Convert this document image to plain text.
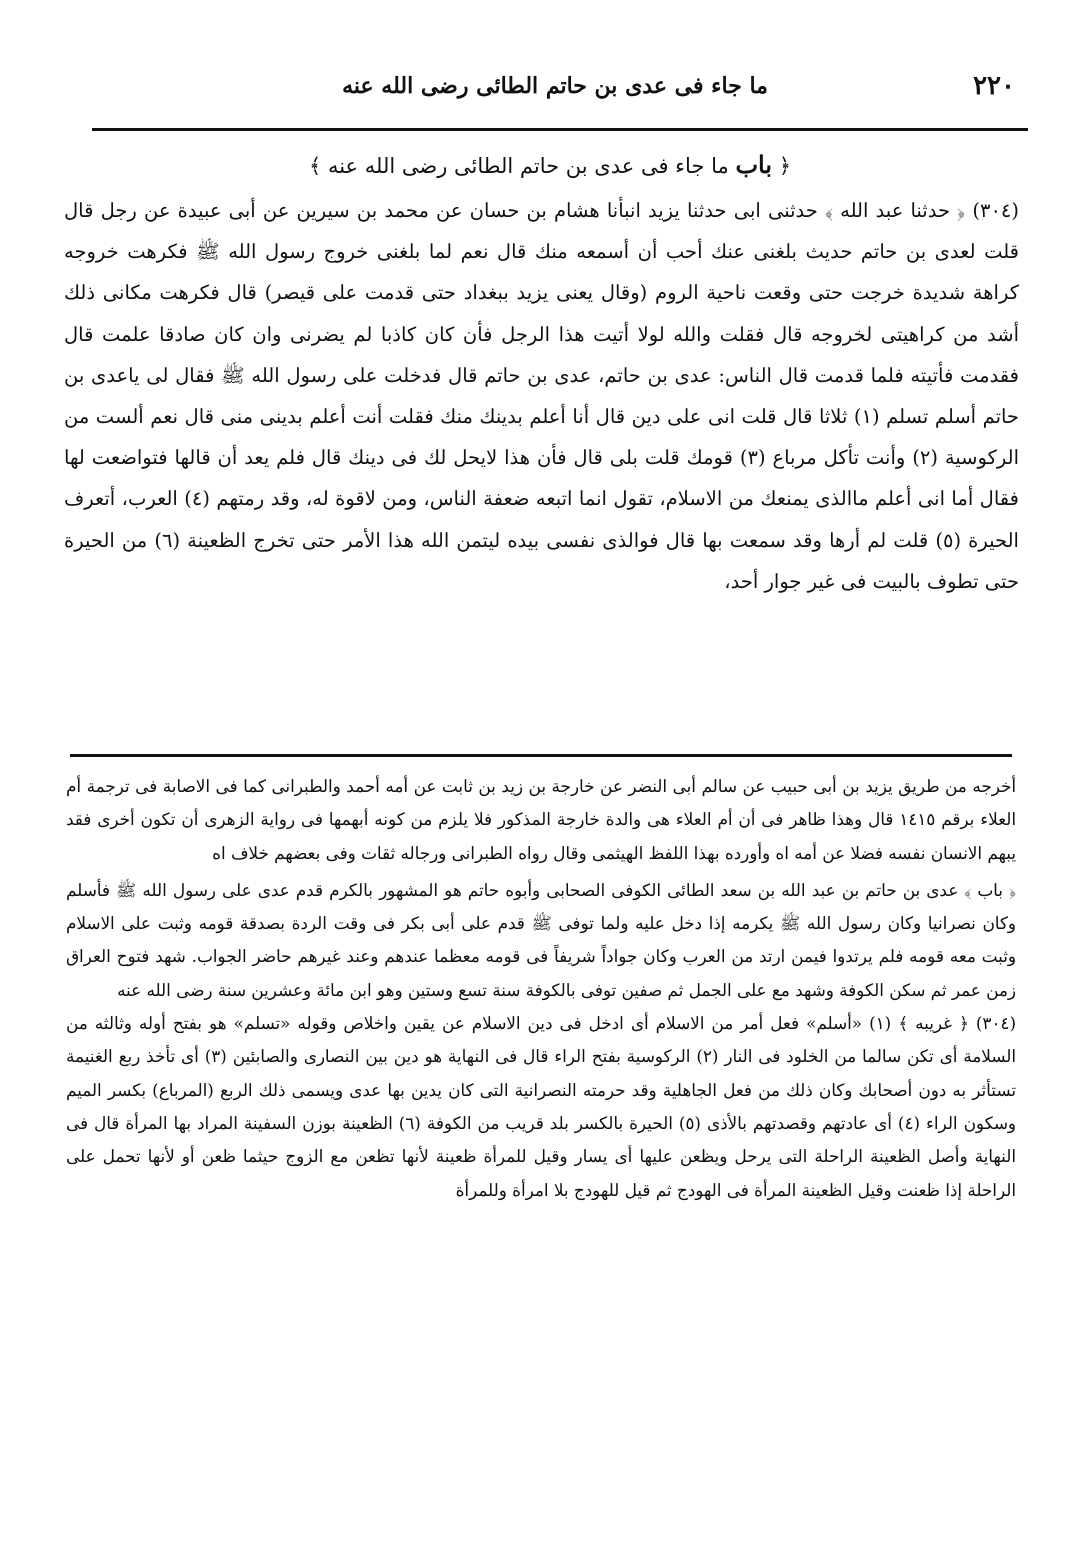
٢٢٠
ما جاء فى عدى بن حاتم الطائى رضى الله عنه
﴿ باب ما جاء فى عدى بن حاتم الطائى رضى الله عنه ﴾

(٣٠٤) ﴿ حدثنا عبد الله ﴾ حدثنى ابى حدثنا يزيد انبأنا هشام بن حسان عن محمد بن سيرين عن أبى عبيدة عن رجل قال قلت لعدى بن حاتم حديث بلغنى عنك أحب أن أسمعه منك قال نعم لما بلغنى خروج رسول الله ﷺ فكرهت خروجه كراهة شديدة خرجت حتى وقعت ناحية الروم (وقال يعنى يزيد ببغداد حتى قدمت على قيصر) قال فكرهت مكانى ذلك أشد من كراهيتى لخروجه قال فقلت والله لولا أتيت هذا الرجل فأن كان كاذبا لم يضرنى وان كان صادقا علمت قال فقدمت فأتيته فلما قدمت قال الناس: عدى بن حاتم، عدى بن حاتم قال فدخلت على رسول الله ﷺ فقال لى ياعدى بن حاتم أسلم تسلم (١) ثلاثا قال قلت انى على دين قال أنا أعلم بدينك منك فقلت أنت أعلم بدينى منى قال نعم ألست من الركوسية (٢) وأنت تأكل مرباع (٣) قومك قلت بلى قال فأن هذا لايحل لك فى دينك قال فلم يعد أن قالها فتواضعت لها فقال أما انى أعلم ماالذى يمنعك من الاسلام، تقول انما اتبعه ضعفة الناس، ومن لاقوة له، وقد رمتهم (٤) العرب، أتعرف الحيرة (٥) قلت لم أرها وقد سمعت بها قال فوالذى نفسى بيده ليتمن الله هذا الأمر حتى تخرج الظعينة (٦) من الحيرة حتى تطوف بالبيت فى غير جوار أحد،

أخرجه من طريق يزيد بن أبى حبيب عن سالم أبى النضر عن خارجة بن زيد بن ثابت عن أمه أحمد والطبرانى كما فى الاصابة فى ترجمة أم العلاء برقم ١٤١٥ قال وهذا ظاهر فى أن أم العلاء هى والدة خارجة المذكور فلا يلزم من كونه أبهمها فى رواية الزهرى أن تكون أخرى فقد يبهم الانسان نفسه فضلا عن أمه اه وأورده بهذا اللفظ الهيثمى وقال رواه الطبرانى ورجاله ثقات وفى بعضهم خلاف اه

﴿ باب ﴾ عدى بن حاتم بن عبد الله بن سعد الطائى الكوفى الصحابى وأبوه حاتم هو المشهور بالكرم قدم عدى على رسول الله ﷺ فأسلم وكان نصرانيا وكان رسول الله ﷺ يكرمه إذا دخل عليه ولما توفى ﷺ قدم على أبى بكر فى وقت الردة بصدقة قومه وثبت على الاسلام وثبت معه قومه فلم يرتدوا فيمن ارتد من العرب وكان جواداً شريفاً فى قومه معظما عندهم وعند غيرهم حاضر الجواب. شهد فتوح العراق زمن عمر ثم سكن الكوفة وشهد مع على الجمل ثم صفين توفى بالكوفة سنة تسع وستين وهو ابن مائة وعشرين سنة رضى الله عنه

(٣٠٤) ﴿ غريبه ﴾ (١) «أسلم» فعل أمر من الاسلام أى ادخل فى دين الاسلام عن يقين واخلاص وقوله «تسلم» هو بفتح أوله وثالثه من السلامة أى تكن سالما من الخلود فى النار (٢) الركوسية بفتح الراء قال فى النهاية هو دين بين النصارى والصابئين (٣) أى تأخذ ربع الغنيمة تستأثر به دون أصحابك وكان ذلك من فعل الجاهلية وقد حرمته النصرانية التى كان يدين بها عدى ويسمى ذلك الربع (المرباع) بكسر الميم وسكون الراء (٤) أى عادتهم وقصدتهم بالأذى (٥) الحيرة بالكسر بلد قريب من الكوفة (٦) الظعينة بوزن السفينة المراد بها المرأة قال فى النهاية وأصل الظعينة الراحلة التى يرحل ويظعن عليها أى يسار وقيل للمرأة ظعينة لأنها تظعن مع الزوج حيثما ظعن أو لأنها تحمل على الراحلة إذا ظعنت وقيل الظعينة المرأة فى الهودج ثم قيل للهودج بلا امرأة وللمرأة
